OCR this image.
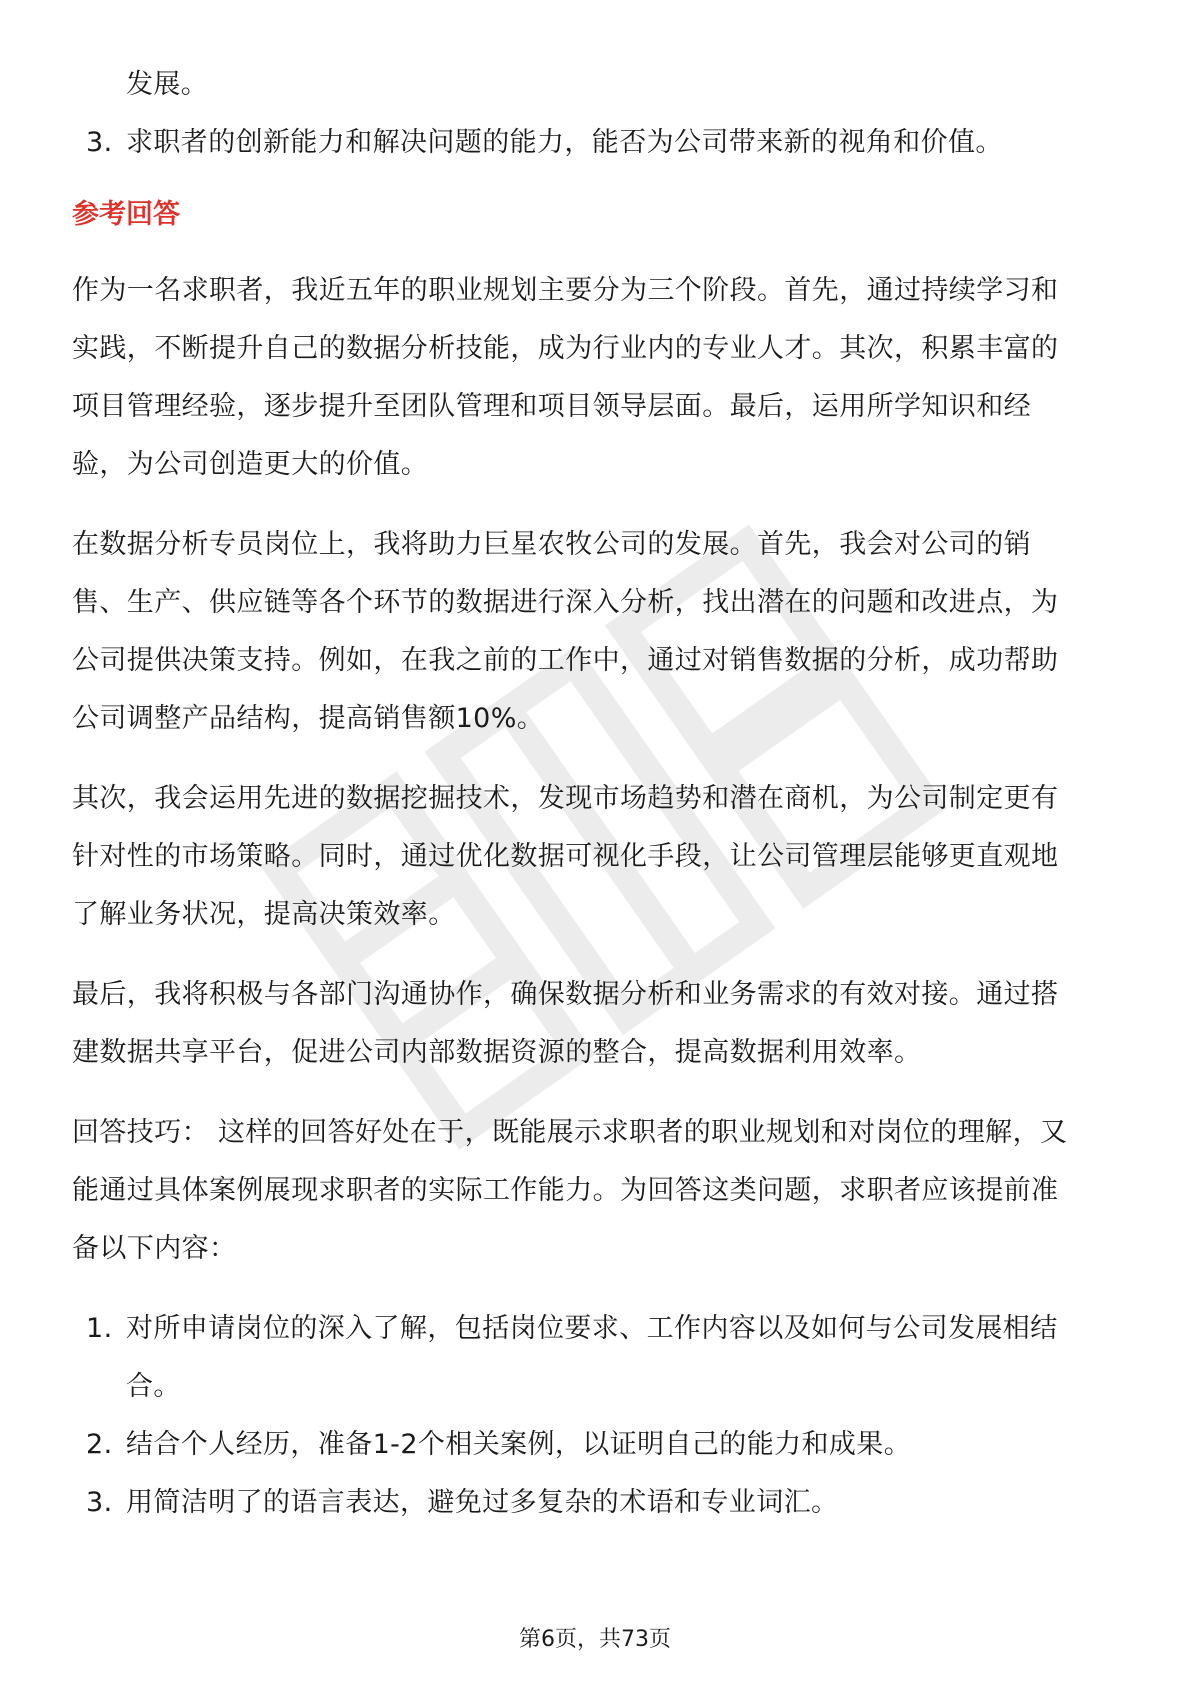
发展。
3. 求职者的创新能力和解决问题的能力，能否为公司带来新的视角和价值。
参考回答
作为一名求职者，我近五年的职业规划主要分为三个阶段。首先，通过持续学习和
实践，不断提升自己的数据分析技能，成为行业内的专业人才。其次，积累丰富的
项目管理经验，逐步提升至团队管理和项目领导层面。最后，运用所学知识和经
验，为公司创造更大的价值。
在数据分析专员岗位上，我将助力巨星农牧公司的发展。首先，我会对公司的销
售、生产、供应链等各个环节的数据进行深入分析，找出潜在的问题和改进点，为
公司提供决策支持。例如，在我之前的工作中，通过对销售数据的分析，成功帮助
公司调整产品结构，提高销售额10%。
其次，我会运用先进的数据挖掘技术，发现市场趋势和潜在商机，为公司制定更有
针对性的市场策略。同时，通过优化数据可视化手段，让公司管理层能够更直观地
了解业务状况，提高决策效率。
最后，我将积极与各部门沟通协作，确保数据分析和业务需求的有效对接。通过搭
建数据共享平台，促进公司内部数据资源的整合，提高数据利用效率。
回答技巧： 这样的回答好处在于，既能展示求职者的职业规划和对岗位的理解，又
能通过具体案例展现求职者的实际工作能力。为回答这类问题，求职者应该提前准
备以下内容：
1. 对所申请岗位的深入了解，包括岗位要求、工作内容以及如何与公司发展相结
合。
2. 结合个人经历，准备1-2个相关案例，以证明自己的能力和成果。
3. 用简洁明了的语言表达，避免过多复杂的术语和专业词汇。
第6页，共73页
